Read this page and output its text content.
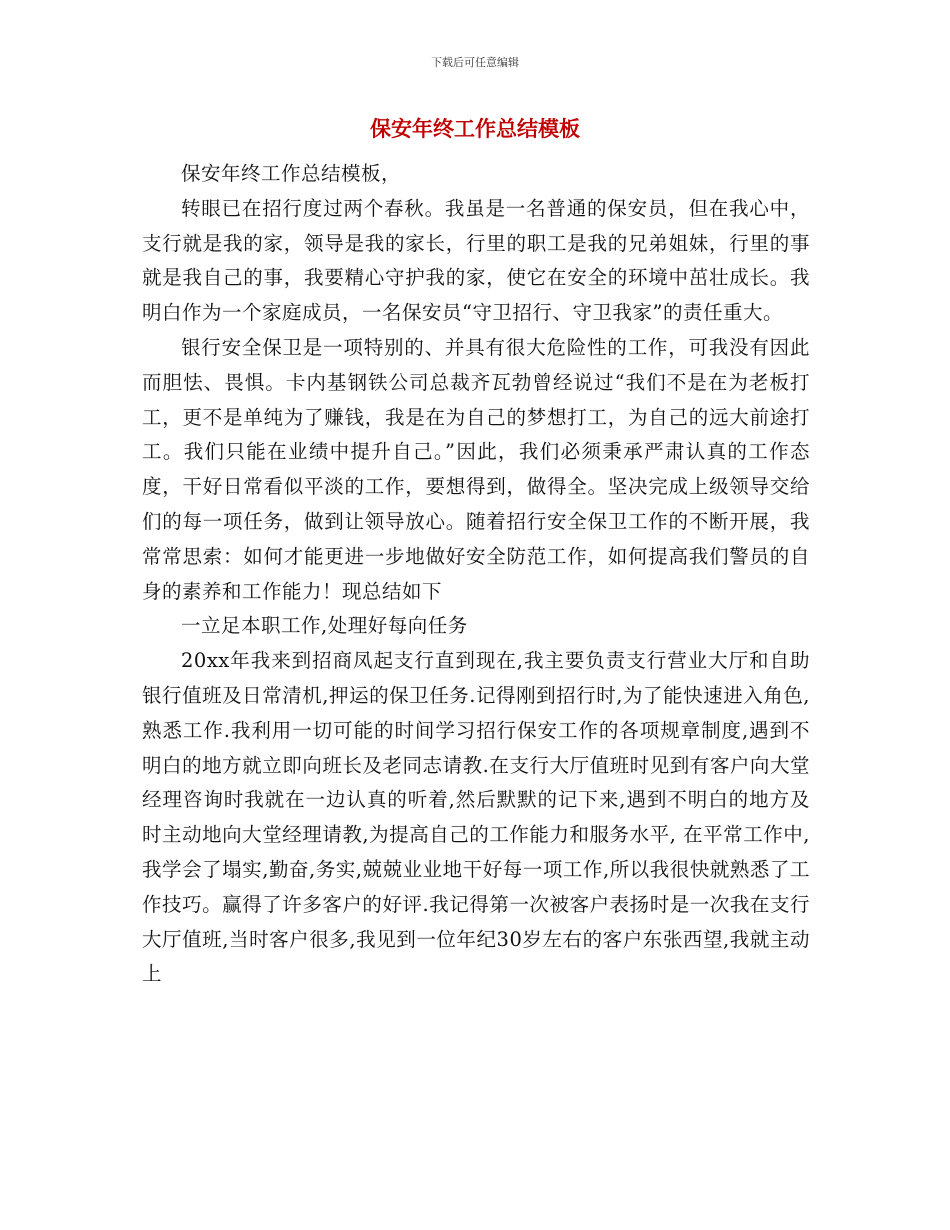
下载后可任意编辑
保安年终工作总结模板

保安年终工作总结模板，

转眼已在招行度过两个春秋。我虽是一名普通的保安员，但在我心中，支行就是我的家，领导是我的家长，行里的职工是我的兄弟姐妹，行里的事就是我自己的事，我要精心守护我的家，使它在安全的环境中茁壮成长。我明白作为一个家庭成员，一名保安员“守卫招行、守卫我家”的责任重大。

银行安全保卫是一项特别的、并具有很大危险性的工作，可我没有因此而胆怯、畏惧。卡内基钢铁公司总裁齐瓦勃曾经说过“我们不是在为老板打工，更不是单纯为了赚钱，我是在为自己的梦想打工，为自己的远大前途打工。我们只能在业绩中提升自己。”因此，我们必须秉承严肃认真的工作态度，干好日常看似平淡的工作，要想得到，做得全。坚决完成上级领导交给们的每一项任务，做到让领导放心。随着招行安全保卫工作的不断开展，我常常思索：如何才能更进一步地做好安全防范工作，如何提高我们警员的自身的素养和工作能力！现总结如下

一立足本职工作,处理好每向任务

20xx年我来到招商凤起支行直到现在,我主要负责支行营业大厅和自助银行值班及日常清机,押运的保卫任务.记得刚到招行时,为了能快速进入角色,熟悉工作.我利用一切可能的时间学习招行保安工作的各项规章制度,遇到不明白的地方就立即向班长及老同志请教.在支行大厅值班时见到有客户向大堂经理咨询时我就在一边认真的听着,然后默默的记下来,遇到不明白的地方及时主动地向大堂经理请教,为提高自己的工作能力和服务水平, 在平常工作中,我学会了塌实,勤奋,务实,兢兢业业地干好每一项工作,所以我很快就熟悉了工作技巧。赢得了许多客户的好评.我记得第一次被客户表扬时是一次我在支行大厅值班,当时客户很多,我见到一位年纪30岁左右的客户东张西望,我就主动上
